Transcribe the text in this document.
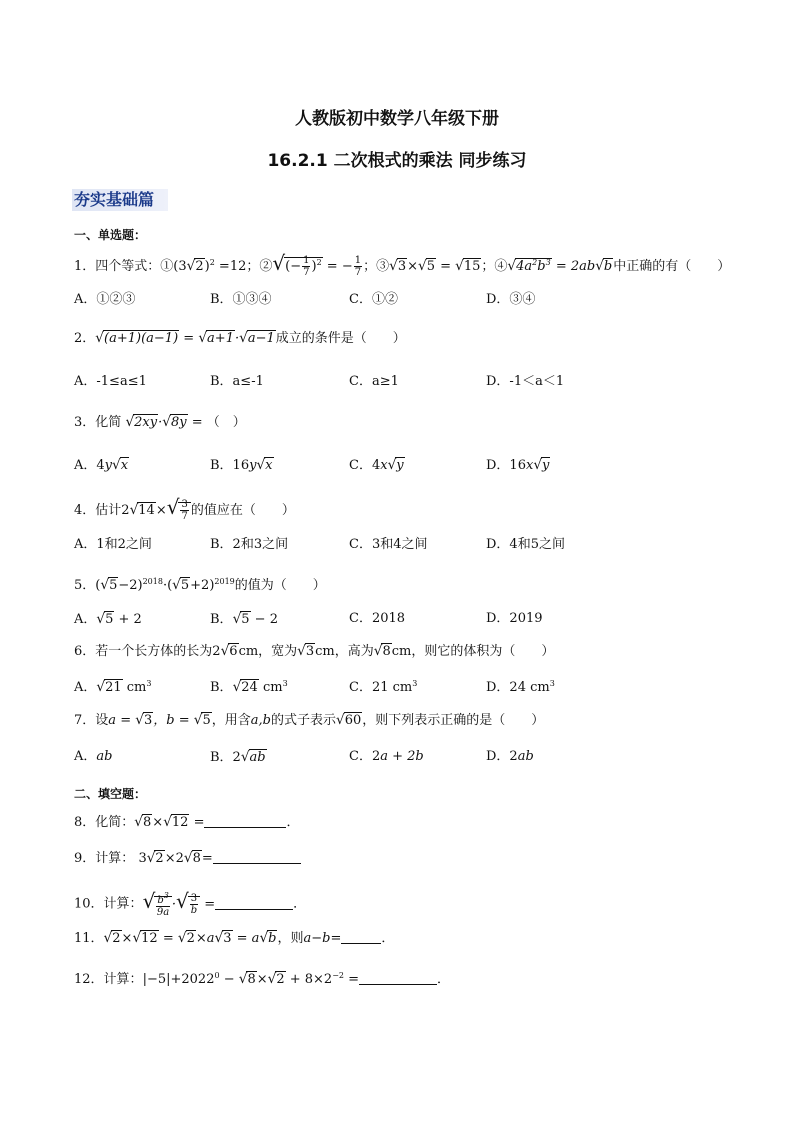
人教版初中数学八年级下册
16.2.1 二次根式的乘法 同步练习
夯实基础篇
一、单选题：
1．四个等式：$①(3√2)^2 =12$；②√(− $\frac{1}{7} )^2$ = − $\frac{1}{7}$ ；③√3×√5 = √15；$④√4a^2b^3 = 2ab√b$中正确的有（　　）
A．①②③	B．①③④	C．①②	D．③④
2．√(a+1)(a−1) = √a+1·√a−1成立的条件是（　　）
A．-1≤a≤1	B．a≤-1	C．a≥1	D．-1＜a＜1
3．化简 √2xy·√8y = （　）
A．4y√x	B．16y√x	C．4x√y	D．16x√y
4．估计$2√14\times√ \frac{3}{7}$ 的值应在（　　）
A．1和2之间	B．2和3之间	C．3和4之间	D．4和5之间
5．$(√5-2)^{2018}\cdot(√5+2)^{2019}$的值为（　　）
A．√5 + 2	B．√5 − 2	C．2018	D．2019
6．若一个长方体的长为2√6cm，宽为√3cm，高为√8cm，则它的体积为（　　）
A．√21 $cm^3$	B．√24 $cm^3$	C．21 $cm^3$	D．24 $cm^3$
7．设a = √3，b = √5，用含a,b的式子表示√60，则下列表示正确的是（　　）
A．ab	B．2√ab	C．2a + 2b	D．2ab
二、填空题：
8．化简：√8×√12 =	．
9．计算： 3√2×2√8=
10．计算：√ $\frac{b^3}{9a}$ ·√ $\frac{3}{b}$ =	．
11．√2×√12 = √2×a√3 = a√b，则a−b=	．
12．计算：$|-5|+2022^0 - √8\times√2 + 8\times 2^{-2}$ =	．
